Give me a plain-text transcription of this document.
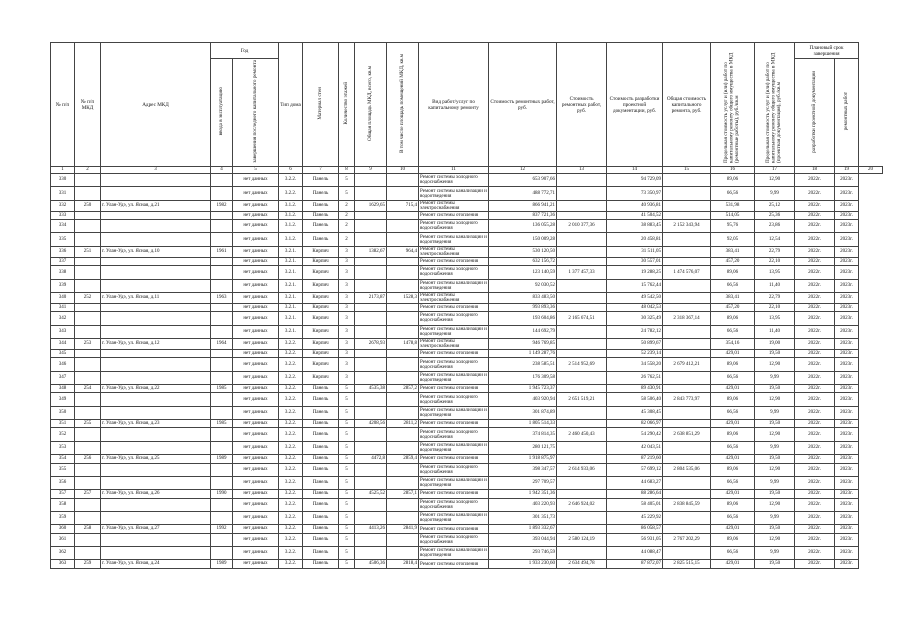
№ п/п	№ п/п МКД	Адрес МКД	Год		Тип дома	Материал стен	Количество этажей	Общая площадь МКД, всего, кв.м	В том числе площадь помещений МКД, кв.м	Вид работ/услуг по капитальному ремонту	Стоимость ремонтных работ, руб.	Стоимость ремонтных работ, руб.	Стоимость разработки проектной документации, руб.	Общая стоимость капитального ремонта, руб.	Предельная стоимость услуг и (или) работ по капитальному ремонту общего имущества в МКД (ремонтные работы), руб./кв.м	Предельная стоимость услуг и (или) работ по капитальному ремонту общего имущества в МКД (проектная документация), руб./кв.м	Плановый срок завершения		
			ввода в эксплуатацию	завершения последнего капитального ремонта													разработки проектной документации	ремонтных работ	
1	2	3	4	5	6	7	8	9	10	11	12	13	14	15	16	17	18	19	20
330				нет данных	3.2.2.	Панель	5			Ремонт системы холодного водоснабжения	653 907,66		94 729,09		89,06	12,90	2022г.	2023г.	
331				нет данных	3.2.2.	Панель	5			Ремонт системы канализации и водоотведения	488 772,71		73 350,97		66,56	9,99	2022г.	2023г.	
332	250	г. Улан-Удэ, ул. Ясная, д.21	1982	нет данных	3.1.2.	Панель	2	1629,65	715,4	Ремонт системы электроснабжения	866 941,21		40 936,81		531,98	25,12	2022г.	2023г.	
333				нет данных	3.1.2.	Панель	2			Ремонт системы отопления	837 721,36		41 504,52		514,05	25,36	2022г.	2023г.	
334				нет данных	3.1.2.	Панель	2			Ремонт системы холодного водоснабжения	136 055,28	2 010 377,36	38 883,45	2 152 343,94	95,76	23,86	2022г.	2023г.	
335				нет данных	3.1.2.	Панель	2			Ремонт системы канализации и водоотведения	150 009,28		20 458,81		92,05	12,54	2022г.	2023г.	
336	251	г. Улан-Удэ, ул. Ясная, д.10	1961	нет данных	3.2.1.	Кирпич	3	1382,67	964,4	Ремонт системы электроснабжения	530 120,50		31 511,05		383,41	22,79	2022г.	2023г.	
337				нет данных	3.2.1.	Кирпич	3			Ремонт системы отопления	632 156,72		30 557,01		457,20	22,10	2022г.	2023г.	
338				нет данных	3.2.1.	Кирпич	3			Ремонт системы холодного водоснабжения	123 140,59	1 377 457,33	19 288,25	1 474 576,07	89,06	13,95	2022г.	2023г.	
339				нет данных	3.2.1.	Кирпич	3			Ремонт системы канализации и водоотведения	92 030,52		15 762,44		66,56	11,40	2022г.	2023г.	
340	252	г. Улан-Удэ, ул. Ясная, д.11	1963	нет данных	3.2.1.	Кирпич	3	2173,87	1528,3	Ремонт системы электроснабжения	833 483,50		49 542,50		383,41	22,79	2022г.	2023г.	
341				нет данных	3.2.1.	Кирпич	3			Ремонт системы отопления	993 893,36		48 042,53		457,20	22,10	2022г.	2023г.	
342				нет данных	3.2.1.	Кирпич	3			Ремонт системы холодного водоснабжения	193 604,86	2 165 674,51	30 325,49	2 318 367,14	89,06	13,95	2022г.	2023г.	
343				нет данных	3.2.1.	Кирпич	3			Ремонт системы канализации и водоотведения	144 692,79		24 782,12		66,56	11,40	2022г.	2023г.	
344	253	г. Улан-Удэ, ул. Ясная, д.12	1964	нет данных	3.2.2.	Кирпич	3	2678,93	1478,8	Ремонт системы электроснабжения	946 769,85		50 899,67		354,16	19,00	2022г.	2023г.	
345				нет данных	3.2.2.	Кирпич	3			Ремонт системы отопления	1 149 287,76		52 239,14		429,01	19,50	2022г.	2023г.	
346				нет данных	3.2.2.	Кирпич	3			Ремонт системы холодного водоснабжения	238 585,51	2 514 952,69	34 558,20	2 679 412,21	89,06	12,90	2022г.	2023г.	
347				нет данных	3.2.2.	Кирпич	3			Ремонт системы канализации и водоотведения	176 309,58		26 762,51		66,56	9,99	2022г.	2023г.	
348	254	г. Улан-Удэ, ул. Ясная, д.22	1985	нет данных	3.2.2.	Панель	5	4535,38	2857,2	Ремонт системы отопления	1 945 723,37		89 430,91		429,01	19,50	2022г.	2023г.	
349				нет данных	3.2.2.	Панель	5			Ремонт системы холодного водоснабжения	403 920,94	2 651 519,21	58 506,40	2 843 773,97	89,06	12,90	2022г.	2023г.	
350				нет данных	3.2.2.	Панель	5			Ремонт системы канализации и водоотведения	301 874,89		45 308,45		66,56	9,99	2022г.	2023г.	
351	255	г. Улан-Удэ, ул. Ясная, д.23	1985	нет данных	3.2.2.	Панель	5	4208,56	2811,2	Ремонт системы отопления	1 805 514,33		82 066,97		429,01	19,50	2022г.	2023г.	
352				нет данных	3.2.2.	Панель	5			Ремонт системы холодного водоснабжения	374 814,35	2 460 450,43	54 290,42	2 638 851,29	89,06	12,90	2022г.	2023г.	
353				нет данных	3.2.2.	Панель	5			Ремонт системы канализации и водоотведения	280 121,75		42 043,51		66,56	9,99	2022г.	2023г.	
354	256	г. Улан-Удэ, ул. Ясная, д.25	1989	нет данных	3.2.2.	Панель	5	4472,8	2859,4	Ремонт системы отопления	1 918 875,97		87 219,60		429,01	19,50	2022г.	2023г.	
355				нет данных	3.2.2.	Панель	5			Ремонт системы холодного водоснабжения	398 347,57	2 614 933,06	57 699,12	2 804 535,06	89,06	12,90	2022г.	2023г.	
356				нет данных	3.2.2.	Панель	5			Ремонт системы канализации и водоотведения	297 709,57		44 683,27		66,56	9,99	2022г.	2023г.	
357	257	г. Улан-Удэ, ул. Ясная, д.26	1990	нет данных	3.2.2.	Панель	5	4525,52	2857,1	Ремонт системы отопления	1 942 351,36		88 286,64		429,01	19,50	2022г.	2023г.	
358				нет данных	3.2.2.	Панель	5			Ремонт системы холодного водоснабжения	403 220,93	2 646 924,02	58 405,01	2 838 845,59	89,06	12,90	2022г.	2023г.	
359				нет данных	3.2.2.	Панель	5			Ремонт системы канализации и водоотведения	301 351,73		45 229,92		66,56	9,99	2022г.	2023г.	
360	258	г. Улан-Удэ, ул. Ясная, д.27	1992	нет данных	3.2.2.	Панель	5	4413,26	2841,9	Ремонт системы отопления	1 893 332,67		86 058,57		429,01	19,50	2022г.	2023г.	
361				нет данных	3.2.2.	Панель	5			Ремонт системы холодного водоснабжения	393 044,94	2 580 124,19	56 931,05	2 767 202,29	89,06	12,90	2022г.	2023г.	
362				нет данных	3.2.2.	Панель	5			Ремонт системы канализации и водоотведения	293 746,59		44 088,47		66,56	9,99	2022г.	2023г.	
363	259	г. Улан-Удэ, ул. Ясная, д.24	1989	нет данных	3.2.2.	Панель	5	4506,36	2818,4	Ремонт системы отопления	1 933 230,60	2 634 494,78	87 872,07	2 825 515,15	429,01	19,50	2022г.	2023г.	
